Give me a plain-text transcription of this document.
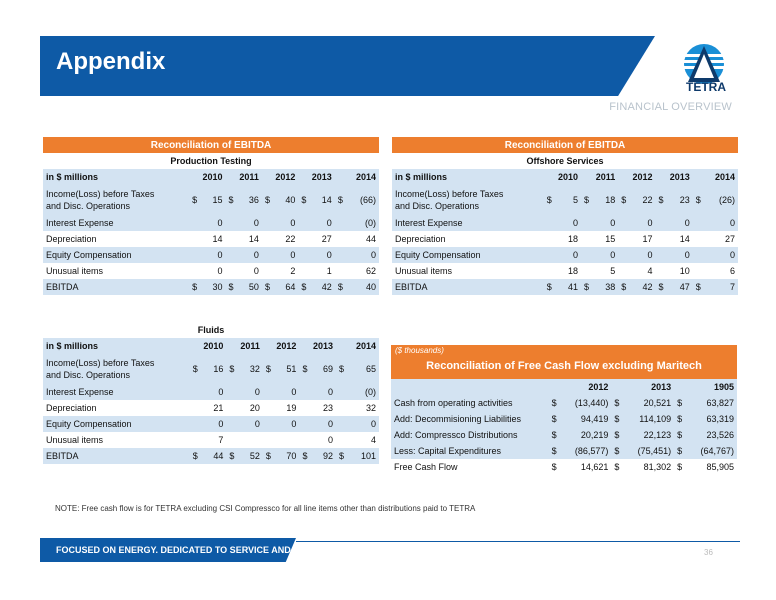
Appendix
TETRA
FINANCIAL OVERVIEW
Reconciliation of EBITDA										
Production Testing										
in $ millions	2010		2011		2012		2013		2014	
Income(Loss) before Taxes
and Disc. Operations	$	15	$	36	$	40	$	14	$	(66)
Interest Expense	0		0		0		0		(0)	
Depreciation	14		14		22		27		44	
Equity Compensation	0		0		0		0		0	
Unusual items	0		0		2		1		62	
EBITDA	$	30	$	50	$	64	$	42	$	40
Reconciliation of EBITDA										
Offshore Services										
in $ millions	2010		2011		2012		2013		2014	
Income(Loss) before Taxes
and Disc. Operations	$	5	$	18	$	22	$	23	$	(26)
Interest Expense	0		0		0		0		0	
Depreciation	18		15		17		14		27	
Equity Compensation	0		0		0		0		0	
Unusual items	18		5		4		10		6	
EBITDA	$	41	$	38	$	42	$	47	$	7
Fluids										
in $ millions	2010		2011		2012		2013		2014	
Income(Loss) before Taxes
and Disc. Operations	$	16	$	32	$	51	$	69	$	65
Interest Expense	0		0		0		0		(0)	
Depreciation	21		20		19		23		32	
Equity Compensation	0		0		0		0		0	
Unusual items	7						0		4	
EBITDA	$	44	$	52	$	70	$	92	$	101
Reconciliation of Free Cash Flow excluding Maritech
($ thousands)
	2012		2013		1905	
Cash from operating activities	$	(13,440)	$	20,521	$	63,827
Add: Decommisioning Liabilities	$	94,419	$	114,109	$	63,319
Add: Compressco Distributions	$	20,219	$	22,123	$	23,526
Less: Capital Expenditures	$	(86,577)	$	(75,451)	$	(64,767)
Free Cash Flow	$	14,621	$	81,302	$	85,905
NOTE: Free cash flow is for TETRA excluding CSI Compressco for all line items other than distributions paid to TETRA
FOCUSED ON ENERGY. DEDICATED TO SERVICE AND SAFETY.	36
